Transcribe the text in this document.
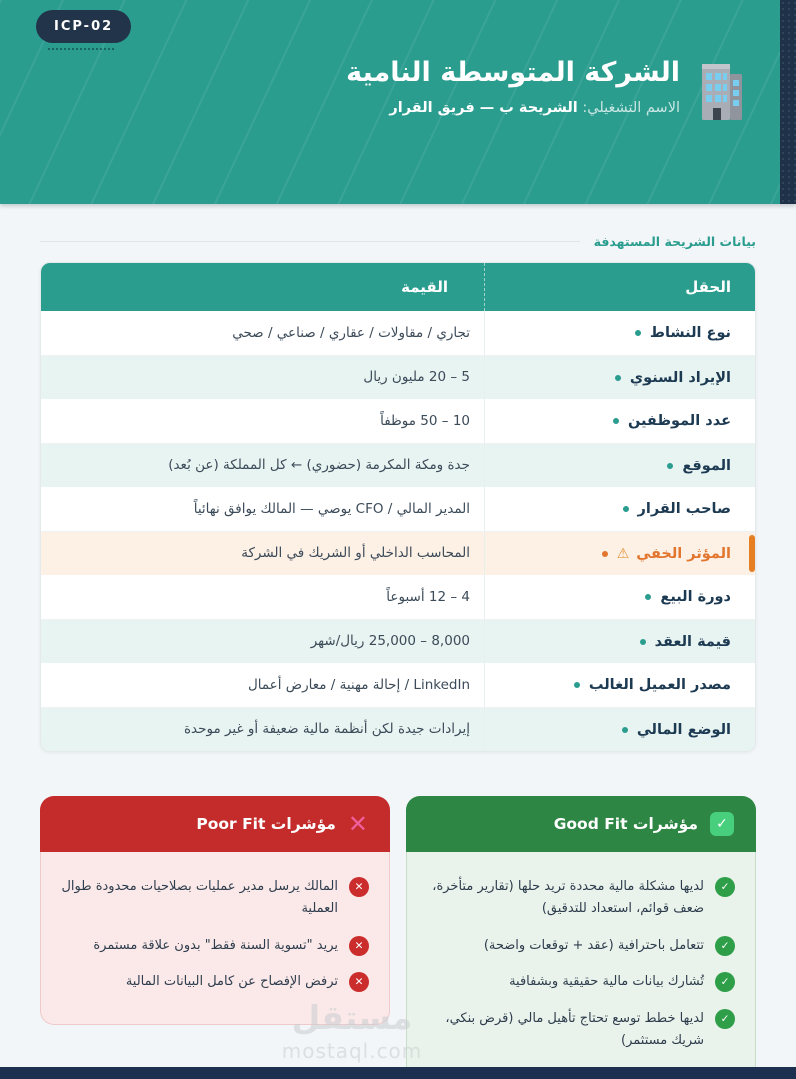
ICP-02
الشركة المتوسطة النامية
الاسم التشغيلي: الشريحة ب — فريق القرار
بيانات الشريحة المستهدفة
الحقل
القيمة
نوع النشاط
تجاري / مقاولات / عقاري / صناعي / صحي
الإيراد السنوي
5 – 20 مليون ريال
عدد الموظفين
10 – 50 موظفاً
الموقع
جدة ومكة المكرمة (حضوري) ← كل المملكة (عن بُعد)
صاحب القرار
المدير المالي / CFO يوصي — المالك يوافق نهائياً
المؤثر الخفي
⚠
المحاسب الداخلي أو الشريك في الشركة
دورة البيع
4 – 12 أسبوعاً
قيمة العقد
8,000 – 25,000 ريال/شهر
مصدر العميل الغالب
LinkedIn / إحالة مهنية / معارض أعمال
الوضع المالي
إيرادات جيدة لكن أنظمة مالية ضعيفة أو غير موحدة
✓
مؤشرات Good Fit
✓
لديها مشكلة مالية محددة تريد حلها (تقارير متأخرة، ضعف قوائم، استعداد للتدقيق)
✓
تتعامل باحترافية (عقد + توقعات واضحة)
✓
تُشارك بيانات مالية حقيقية وبشفافية
✓
لديها خطط توسع تحتاج تأهيل مالي (قرض بنكي، شريك مستثمر)
✕
مؤشرات Poor Fit
✕
المالك يرسل مدير عمليات بصلاحيات محدودة طوال العملية
✕
يريد "تسوية السنة فقط" بدون علاقة مستمرة
✕
ترفض الإفصاح عن كامل البيانات المالية
مستقل
mostaql.com
